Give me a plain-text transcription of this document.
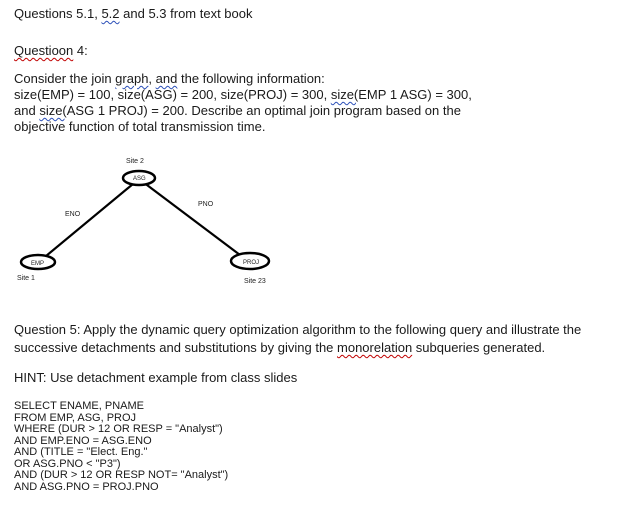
Questions 5.1, 5.2 and 5.3 from text book
Questioon 4:
Consider the join graph, and the following information:
size(EMP) = 100, size(ASG) = 200, size(PROJ) = 300, size(EMP 1 ASG) = 300,
and size(ASG 1 PROJ) = 200. Describe an optimal join program based on the
objective function of total transmission time.
Site 2
ASG
PNO
ENO
EMP
Site 1
PROJ
Site 23
Question 5: Apply the dynamic query optimization algorithm to the following query and illustrate the
successive detachments and substitutions by giving the monorelation subqueries generated.
HINT: Use detachment example from class slides
SELECT ENAME, PNAME
FROM EMP, ASG, PROJ
WHERE (DUR > 12 OR RESP = "Analyst")
AND EMP.ENO = ASG.ENO
AND (TITLE = "Elect. Eng."
OR ASG.PNO < "P3")
AND (DUR > 12 OR RESP NOT= "Analyst")
AND ASG.PNO = PROJ.PNO
